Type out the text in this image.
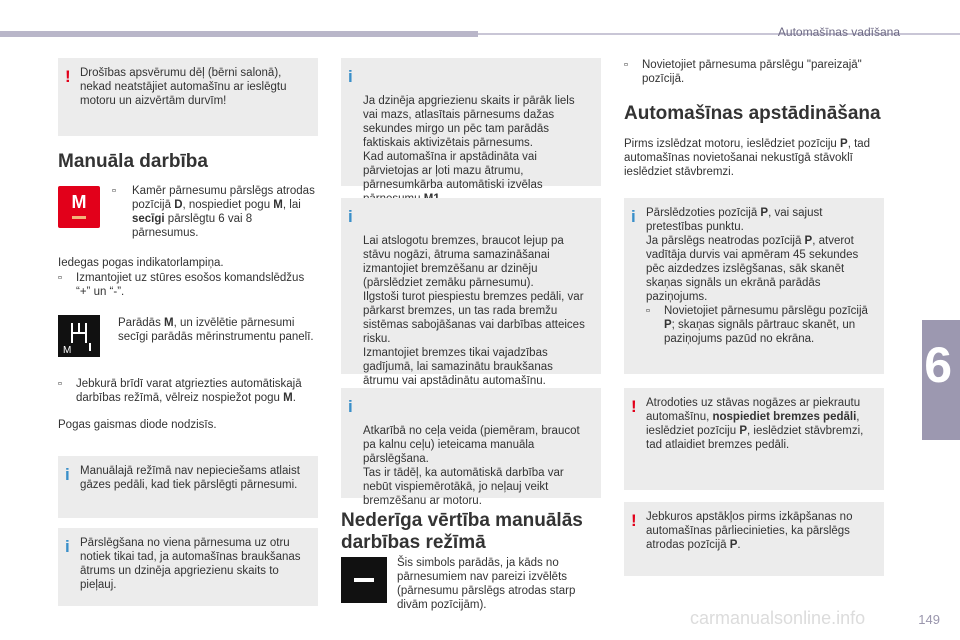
Automašīnas vadīšana
6
149
carmanualsonline.info
! Drošības apsvērumu dēļ (bērni salonā), nekad neatstājiet automašīnu ar ieslēgtu motoru un aizvērtām durvīm!
Manuāla darbība
M
▫	Kamēr pārnesumu pārslēgs atrodas pozīcijā D, nospiediet pogu M, lai secīgi pārslēgtu 6 vai 8 pārnesumus.
Iedegas pogas indikatorlampiņa.
▫	Izmantojiet uz stūres esošos komandslēdžus “+” un “-”.
M
Parādās M, un izvēlētie pārnesumi secīgi parādās mērinstrumentu panelī.
▫	Jebkurā brīdī varat atgriezties automātiskajā darbības režīmā, vēlreiz nospiežot pogu M.
Pogas gaismas diode nodzisīs.
i Manuālajā režīmā nav nepieciešams atlaist gāzes pedāli, kad tiek pārslēgti pārnesumi.
i Pārslēgšana no viena pārnesuma uz otru notiek tikai tad, ja automašīnas braukšanas ātrums un dzinēja apgriezienu skaits to pieļauj.

i

Ja dzinēja apgriezienu skaits ir pārāk liels vai mazs, atlasītais pārnesums dažas sekundes mirgo un pēc tam parādās faktiskais aktivizētais pārnesums.
Kad automašīna ir apstādināta vai pārvietojas ar ļoti mazu ātrumu, pārnesumkārba automātiski izvēlas

i

Lai atslogotu bremzes, braucot lejup pa stāvu nogāzi, ātruma samazināšanai izmantojiet bremzēšanu ar dzinēju (pārslēdziet zemāku pārnesumu).
Ilgstoši turot piespiestu bremzes pedāli, var pārkarst bremzes, un tas rada bremžu sistēmas sabojāšanas vai darbības atteices risku.
Izmantojiet bremzes tikai vajadzības gadījumā, lai samazinātu braukšanas ātrumu vai apstādinātu automašīnu.

i

Atkarībā no ceļa veida (piemēram, braucot pa kalnu ceļu) ieteicama manuāla pārslēgšana.
Tas ir tādēļ, ka automātiskā darbība var nebūt vispiemērotākā, jo neļauj veikt bremzēšanu ar motoru.

Nederīga vērtība manuālās darbības režīmā
Šis simbols parādās, ja kāds no pārnesumiem nav pareizi izvēlēts (pārnesumu pārslēgs atrodas starp divām pozīcijām).
▫	Novietojiet pārnesuma pārslēgu "pareizajā" pozīcijā.
Automašīnas apstādināšana
Pirms izslēdzat motoru, ieslēdziet pozīciju P, tad automašīnas novietošanai nekustīgā stāvoklī ieslēdziet stāvbremzi.
i Pārslēdzoties pozīcijā P, vai sajust pretestības punktu.
Ja pārslēgs neatrodas pozīcijā P, atverot vadītāja durvis vai apmēram 45 sekundes pēc aizdedzes izslēgšanas, sāk skanēt skaņas signāls un ekrānā parādās paziņojums.
▫ Novietojiet pārnesumu pārslēgu pozīcijā P; skaņas signāls pārtrauc skanēt, un paziņojums pazūd no ekrāna.
! Atrodoties uz stāvas nogāzes ar piekrautu automašīnu, nospiediet bremzes pedāli, ieslēdziet pozīciju P, ieslēdziet stāvbremzi, tad atlaidiet bremzes pedāli.
! Jebkuros apstākļos pirms izkāpšanas no automašīnas pārliecinieties, ka pārslēgs atrodas pozīcijā P.
